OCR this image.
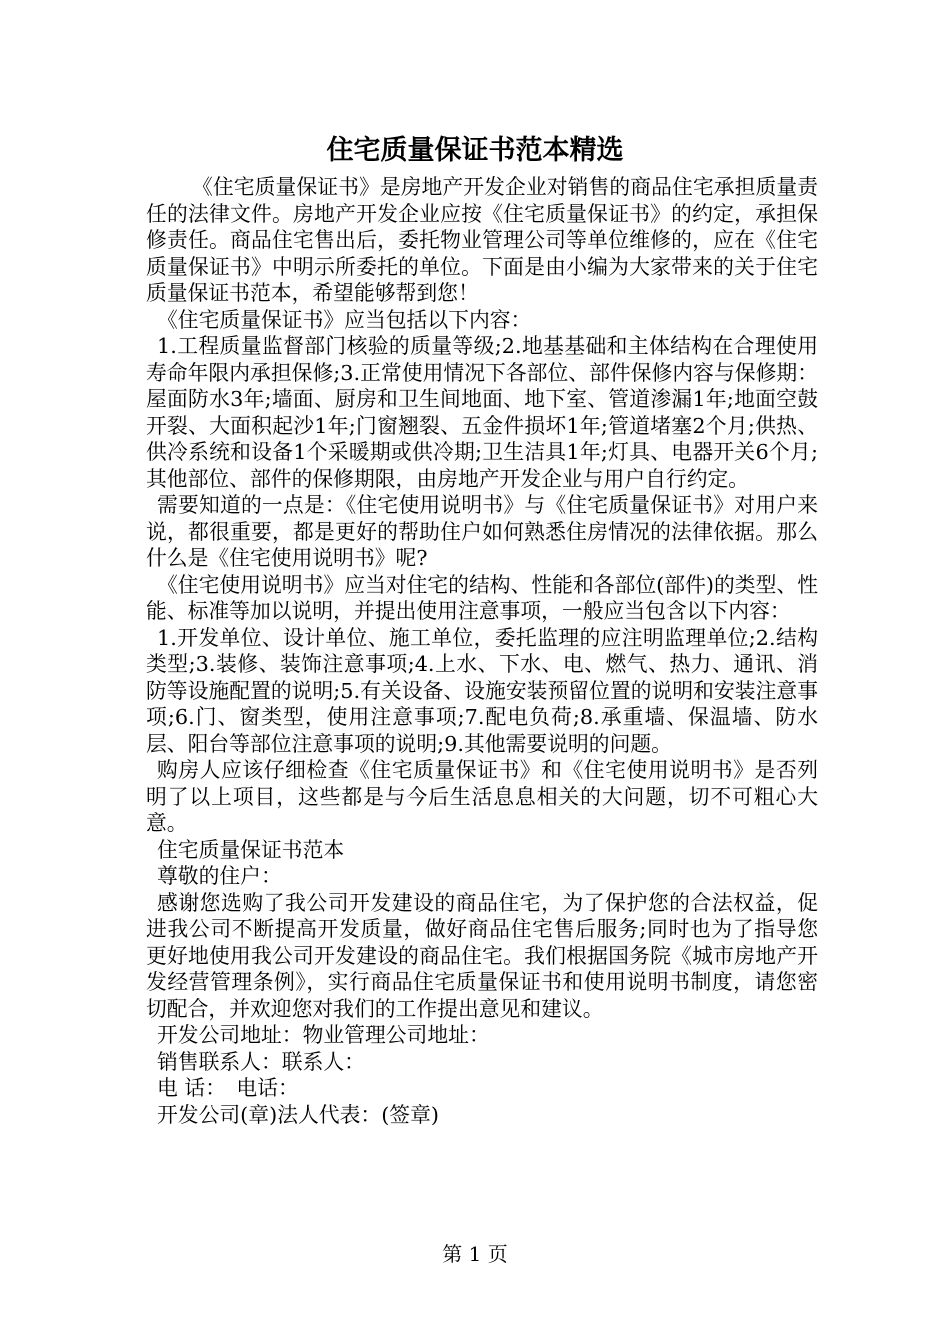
住宅质量保证书范本精选

《住宅质量保证书》是房地产开发企业对销售的商品住宅承担质量责任的法律文件。房地产开发企业应按《住宅质量保证书》的约定，承担保修责任。商品住宅售出后，委托物业管理公司等单位维修的，应在《住宅质量保证书》中明示所委托的单位。下面是由小编为大家带来的关于住宅质量保证书范本，希望能够帮到您！

《住宅质量保证书》应当包括以下内容：

1.工程质量监督部门核验的质量等级;2.地基基础和主体结构在合理使用寿命年限内承担保修;3.正常使用情况下各部位、部件保修内容与保修期：屋面防水3年;墙面、厨房和卫生间地面、地下室、管道渗漏1年;地面空鼓开裂、大面积起沙1年;门窗翘裂、五金件损坏1年;管道堵塞2个月;供热、供冷系统和设备1个采暖期或供冷期;卫生洁具1年;灯具、电器开关6个月;其他部位、部件的保修期限，由房地产开发企业与用户自行约定。

需要知道的一点是：《住宅使用说明书》与《住宅质量保证书》对用户来说，都很重要，都是更好的帮助住户如何熟悉住房情况的法律依据。那么什么是《住宅使用说明书》呢?

《住宅使用说明书》应当对住宅的结构、性能和各部位(部件)的类型、性能、标准等加以说明，并提出使用注意事项，一般应当包含以下内容：

1.开发单位、设计单位、施工单位，委托监理的应注明监理单位;2.结构类型;3.装修、装饰注意事项;4.上水、下水、电、燃气、热力、通讯、消防等设施配置的说明;5.有关设备、设施安装预留位置的说明和安装注意事项;6.门、窗类型，使用注意事项;7.配电负荷;8.承重墙、保温墙、防水层、阳台等部位注意事项的说明;9.其他需要说明的问题。

购房人应该仔细检查《住宅质量保证书》和《住宅使用说明书》是否列明了以上项目，这些都是与今后生活息息相关的大问题，切不可粗心大意。

住宅质量保证书范本

尊敬的住户：

感谢您选购了我公司开发建设的商品住宅，为了保护您的合法权益，促进我公司不断提高开发质量，做好商品住宅售后服务;同时也为了指导您更好地使用我公司开发建设的商品住宅。我们根据国务院《城市房地产开发经营管理条例》，实行商品住宅质量保证书和使用说明书制度，请您密切配合，并欢迎您对我们的工作提出意见和建议。

开发公司地址：物业管理公司地址：

销售联系人：联系人：

电 话：　电话：

开发公司(章)法人代表：(签章)

第 1 页
